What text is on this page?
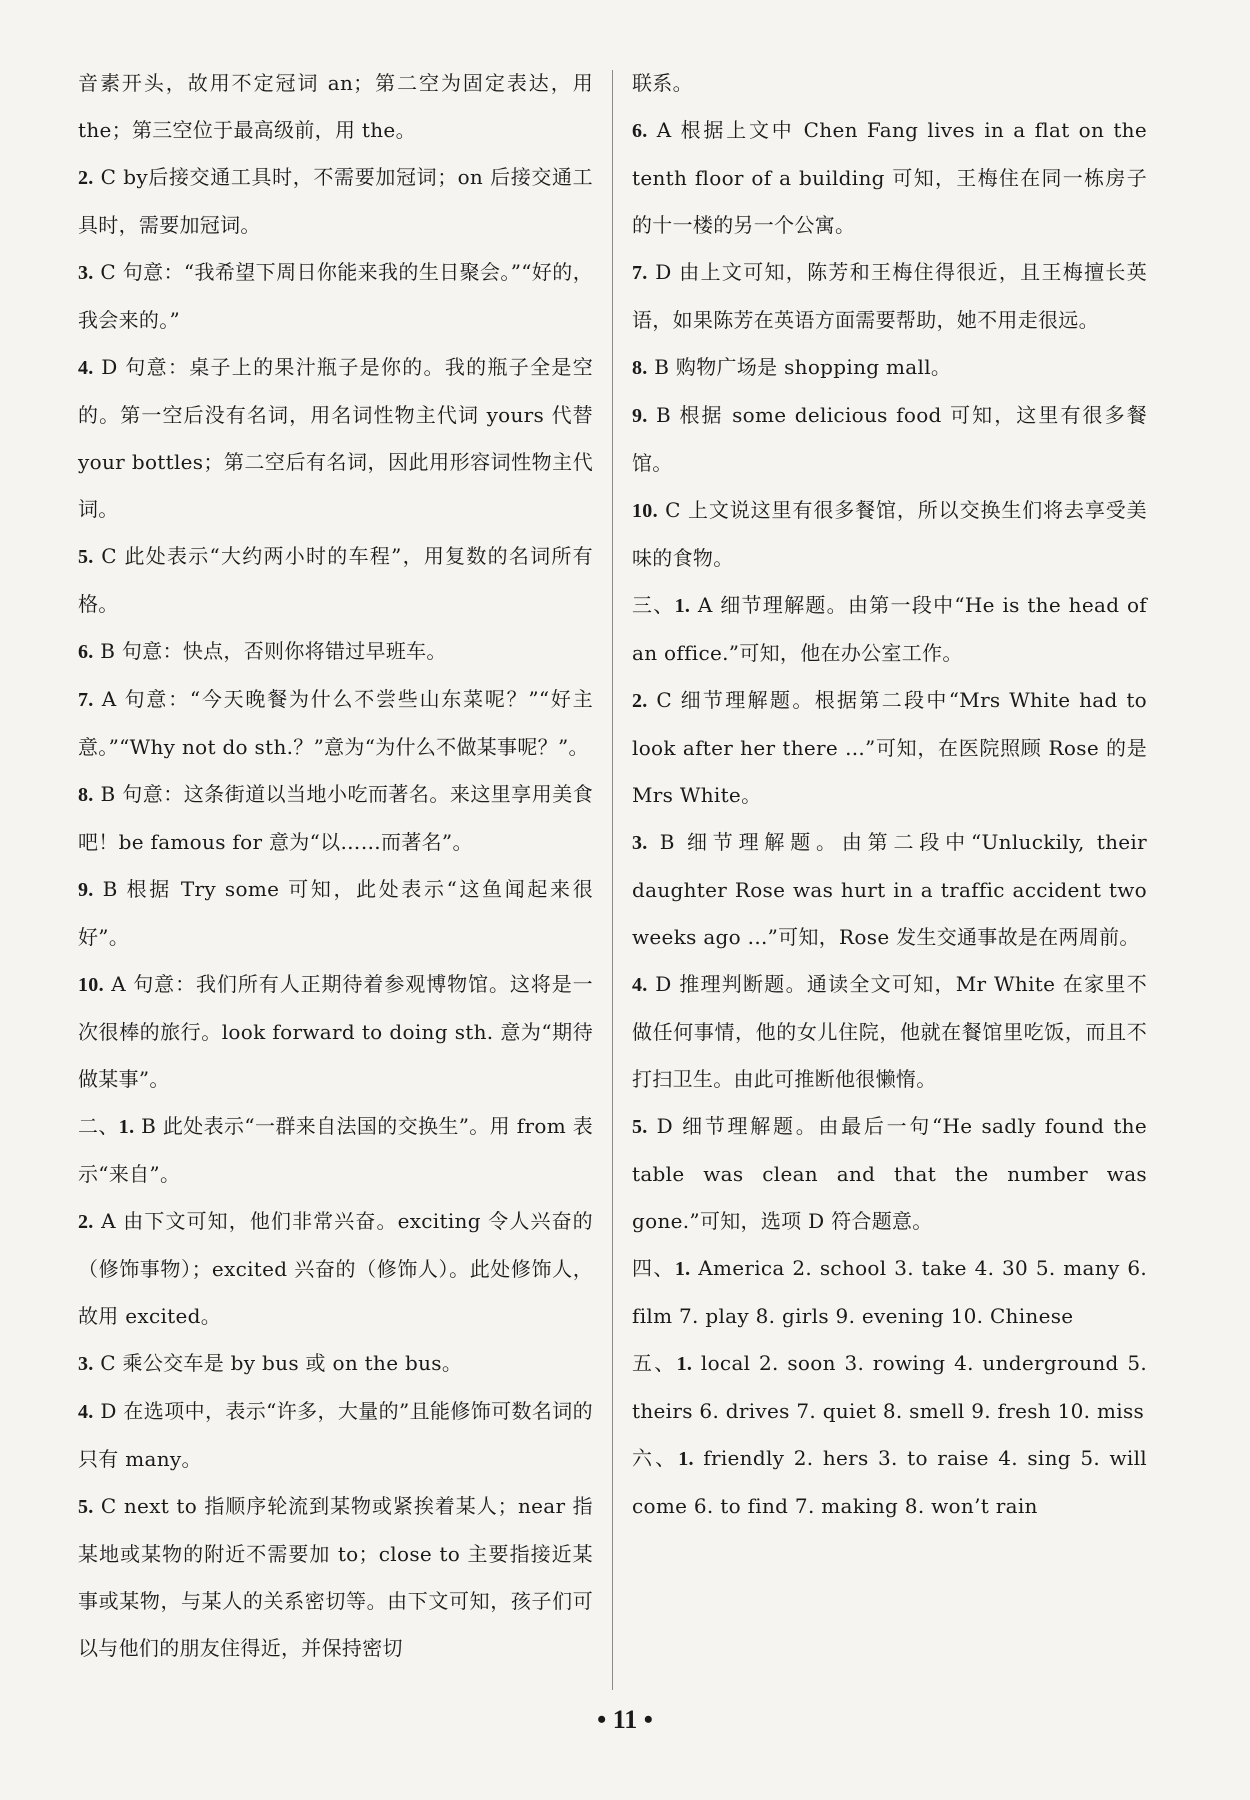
音素开头，故用不定冠词 an；第二空为固定表达，用 the；第三空位于最高级前，用 the。

2. C by后接交通工具时，不需要加冠词；on 后接交通工具时，需要加冠词。

3. C 句意：“我希望下周日你能来我的生日聚会。”“好的，我会来的。”

4. D 句意：桌子上的果汁瓶子是你的。我的瓶子全是空的。第一空后没有名词，用名词性物主代词 yours 代替 your bottles；第二空后有名词，因此用形容词性物主代词。

5. C 此处表示“大约两小时的车程”，用复数的名词所有格。

6. B 句意：快点，否则你将错过早班车。

7. A 句意：“今天晚餐为什么不尝些山东菜呢？”“好主意。”“Why not do sth.？”意为“为什么不做某事呢？”。

8. B 句意：这条街道以当地小吃而著名。来这里享用美食吧！be famous for 意为“以……而著名”。

9. B 根据 Try some 可知，此处表示“这鱼闻起来很好”。

10. A 句意：我们所有人正期待着参观博物馆。这将是一次很棒的旅行。look forward to doing sth. 意为“期待做某事”。

二、1. B 此处表示“一群来自法国的交换生”。用 from 表示“来自”。

2. A 由下文可知，他们非常兴奋。exciting 令人兴奋的（修饰事物）；excited 兴奋的（修饰人）。此处修饰人，故用 excited。

3. C 乘公交车是 by bus 或 on the bus。

4. D 在选项中，表示“许多，大量的”且能修饰可数名词的只有 many。

5. C next to 指顺序轮流到某物或紧挨着某人；near 指某地或某物的附近不需要加 to；close to 主要指接近某事或某物，与某人的关系密切等。由下文可知，孩子们可以与他们的朋友住得近，并保持密切

联系。

6. A 根据上文中 Chen Fang lives in a flat on the tenth floor of a building 可知，王梅住在同一栋房子的十一楼的另一个公寓。

7. D 由上文可知，陈芳和王梅住得很近，且王梅擅长英语，如果陈芳在英语方面需要帮助，她不用走很远。

8. B 购物广场是 shopping mall。

9. B 根据 some delicious food 可知，这里有很多餐馆。

10. C 上文说这里有很多餐馆，所以交换生们将去享受美味的食物。

三、1. A 细节理解题。由第一段中“He is the head of an office.”可知，他在办公室工作。

2. C 细节理解题。根据第二段中“Mrs White had to look after her there ...”可知，在医院照顾 Rose 的是 Mrs White。

3. B 细节理解题。由第二段中“Unluckily, their daughter Rose was hurt in a traffic accident two weeks ago ...”可知，Rose 发生交通事故是在两周前。

4. D 推理判断题。通读全文可知，Mr White 在家里不做任何事情，他的女儿住院，他就在餐馆里吃饭，而且不打扫卫生。由此可推断他很懒惰。

5. D 细节理解题。由最后一句“He sadly found the table was clean and that the number was gone.”可知，选项 D 符合题意。

四、1. America 2. school 3. take 4. 30 5. many 6. film 7. play 8. girls 9. evening 10. Chinese

五、1. local 2. soon 3. rowing 4. underground 5. theirs 6. drives 7. quiet 8. smell 9. fresh 10. miss

六、1. friendly 2. hers 3. to raise 4. sing 5. will come 6. to find 7. making 8. won’t rain

• 11 •
